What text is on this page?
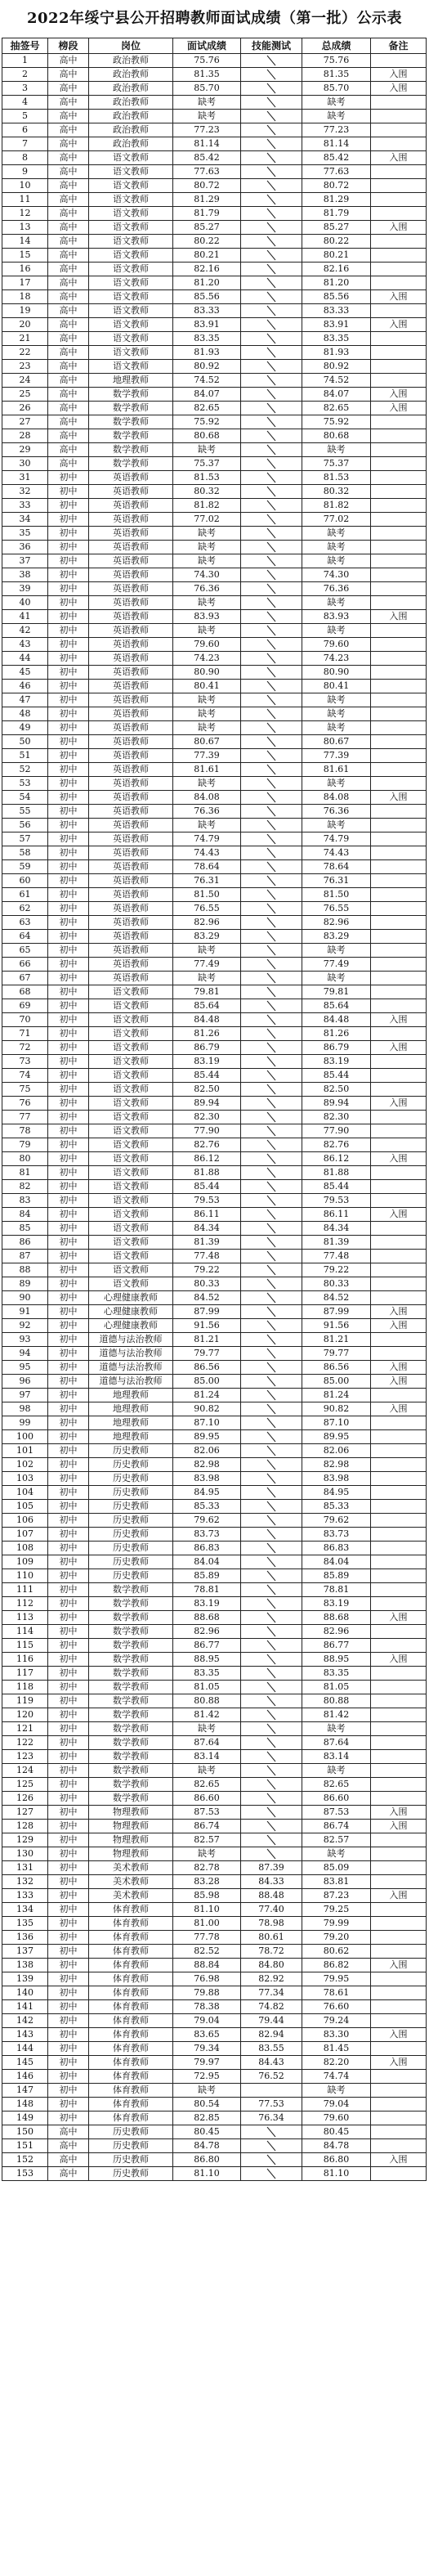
2022年绥宁县公开招聘教师面试成绩（第一批）公示表
抽签号	榜段	岗位	面试成绩	技能测试	总成绩	备注
1	高中	政治教师	75.76		75.76	
2	高中	政治教师	81.35		81.35	入围
3	高中	政治教师	85.70		85.70	入围
4	高中	政治教师	缺考		缺考	
5	高中	政治教师	缺考		缺考	
6	高中	政治教师	77.23		77.23	
7	高中	政治教师	81.14		81.14	
8	高中	语文教师	85.42		85.42	入围
9	高中	语文教师	77.63		77.63	
10	高中	语文教师	80.72		80.72	
11	高中	语文教师	81.29		81.29	
12	高中	语文教师	81.79		81.79	
13	高中	语文教师	85.27		85.27	入围
14	高中	语文教师	80.22		80.22	
15	高中	语文教师	80.21		80.21	
16	高中	语文教师	82.16		82.16	
17	高中	语文教师	81.20		81.20	
18	高中	语文教师	85.56		85.56	入围
19	高中	语文教师	83.33		83.33	
20	高中	语文教师	83.91		83.91	入围
21	高中	语文教师	83.35		83.35	
22	高中	语文教师	81.93		81.93	
23	高中	语文教师	80.92		80.92	
24	高中	地理教师	74.52		74.52	
25	高中	数学教师	84.07		84.07	入围
26	高中	数学教师	82.65		82.65	入围
27	高中	数学教师	75.92		75.92	
28	高中	数学教师	80.68		80.68	
29	高中	数学教师	缺考		缺考	
30	高中	数学教师	75.37		75.37	
31	初中	英语教师	81.53		81.53	
32	初中	英语教师	80.32		80.32	
33	初中	英语教师	81.82		81.82	
34	初中	英语教师	77.02		77.02	
35	初中	英语教师	缺考		缺考	
36	初中	英语教师	缺考		缺考	
37	初中	英语教师	缺考		缺考	
38	初中	英语教师	74.30		74.30	
39	初中	英语教师	76.36		76.36	
40	初中	英语教师	缺考		缺考	
41	初中	英语教师	83.93		83.93	入围
42	初中	英语教师	缺考		缺考	
43	初中	英语教师	79.60		79.60	
44	初中	英语教师	74.23		74.23	
45	初中	英语教师	80.90		80.90	
46	初中	英语教师	80.41		80.41	
47	初中	英语教师	缺考		缺考	
48	初中	英语教师	缺考		缺考	
49	初中	英语教师	缺考		缺考	
50	初中	英语教师	80.67		80.67	
51	初中	英语教师	77.39		77.39	
52	初中	英语教师	81.61		81.61	
53	初中	英语教师	缺考		缺考	
54	初中	英语教师	84.08		84.08	入围
55	初中	英语教师	76.36		76.36	
56	初中	英语教师	缺考		缺考	
57	初中	英语教师	74.79		74.79	
58	初中	英语教师	74.43		74.43	
59	初中	英语教师	78.64		78.64	
60	初中	英语教师	76.31		76.31	
61	初中	英语教师	81.50		81.50	
62	初中	英语教师	76.55		76.55	
63	初中	英语教师	82.96		82.96	
64	初中	英语教师	83.29		83.29	
65	初中	英语教师	缺考		缺考	
66	初中	英语教师	77.49		77.49	
67	初中	英语教师	缺考		缺考	
68	初中	语文教师	79.81		79.81	
69	初中	语文教师	85.64		85.64	
70	初中	语文教师	84.48		84.48	入围
71	初中	语文教师	81.26		81.26	
72	初中	语文教师	86.79		86.79	入围
73	初中	语文教师	83.19		83.19	
74	初中	语文教师	85.44		85.44	
75	初中	语文教师	82.50		82.50	
76	初中	语文教师	89.94		89.94	入围
77	初中	语文教师	82.30		82.30	
78	初中	语文教师	77.90		77.90	
79	初中	语文教师	82.76		82.76	
80	初中	语文教师	86.12		86.12	入围
81	初中	语文教师	81.88		81.88	
82	初中	语文教师	85.44		85.44	
83	初中	语文教师	79.53		79.53	
84	初中	语文教师	86.11		86.11	入围
85	初中	语文教师	84.34		84.34	
86	初中	语文教师	81.39		81.39	
87	初中	语文教师	77.48		77.48	
88	初中	语文教师	79.22		79.22	
89	初中	语文教师	80.33		80.33	
90	初中	心理健康教师	84.52		84.52	
91	初中	心理健康教师	87.99		87.99	入围
92	初中	心理健康教师	91.56		91.56	入围
93	初中	道德与法治教师	81.21		81.21	
94	初中	道德与法治教师	79.77		79.77	
95	初中	道德与法治教师	86.56		86.56	入围
96	初中	道德与法治教师	85.00		85.00	入围
97	初中	地理教师	81.24		81.24	
98	初中	地理教师	90.82		90.82	入围
99	初中	地理教师	87.10		87.10	
100	初中	地理教师	89.95		89.95	
101	初中	历史教师	82.06		82.06	
102	初中	历史教师	82.98		82.98	
103	初中	历史教师	83.98		83.98	
104	初中	历史教师	84.95		84.95	
105	初中	历史教师	85.33		85.33	
106	初中	历史教师	79.62		79.62	
107	初中	历史教师	83.73		83.73	
108	初中	历史教师	86.83		86.83	
109	初中	历史教师	84.04		84.04	
110	初中	历史教师	85.89		85.89	
111	初中	数学教师	78.81		78.81	
112	初中	数学教师	83.19		83.19	
113	初中	数学教师	88.68		88.68	入围
114	初中	数学教师	82.96		82.96	
115	初中	数学教师	86.77		86.77	
116	初中	数学教师	88.95		88.95	入围
117	初中	数学教师	83.35		83.35	
118	初中	数学教师	81.05		81.05	
119	初中	数学教师	80.88		80.88	
120	初中	数学教师	81.42		81.42	
121	初中	数学教师	缺考		缺考	
122	初中	数学教师	87.64		87.64	
123	初中	数学教师	83.14		83.14	
124	初中	数学教师	缺考		缺考	
125	初中	数学教师	82.65		82.65	
126	初中	数学教师	86.60		86.60	
127	初中	物理教师	87.53		87.53	入围
128	初中	物理教师	86.74		86.74	入围
129	初中	物理教师	82.57		82.57	
130	初中	物理教师	缺考		缺考	
131	初中	美术教师	82.78	87.39	85.09	
132	初中	美术教师	83.28	84.33	83.81	
133	初中	美术教师	85.98	88.48	87.23	入围
134	初中	体育教师	81.10	77.40	79.25	
135	初中	体育教师	81.00	78.98	79.99	
136	初中	体育教师	77.78	80.61	79.20	
137	初中	体育教师	82.52	78.72	80.62	
138	初中	体育教师	88.84	84.80	86.82	入围
139	初中	体育教师	76.98	82.92	79.95	
140	初中	体育教师	79.88	77.34	78.61	
141	初中	体育教师	78.38	74.82	76.60	
142	初中	体育教师	79.04	79.44	79.24	
143	初中	体育教师	83.65	82.94	83.30	入围
144	初中	体育教师	79.34	83.55	81.45	
145	初中	体育教师	79.97	84.43	82.20	入围
146	初中	体育教师	72.95	76.52	74.74	
147	初中	体育教师	缺考		缺考	
148	初中	体育教师	80.54	77.53	79.04	
149	初中	体育教师	82.85	76.34	79.60	
150	高中	历史教师	80.45		80.45	
151	高中	历史教师	84.78		84.78	
152	高中	历史教师	86.80		86.80	入围
153	高中	历史教师	81.10		81.10	
